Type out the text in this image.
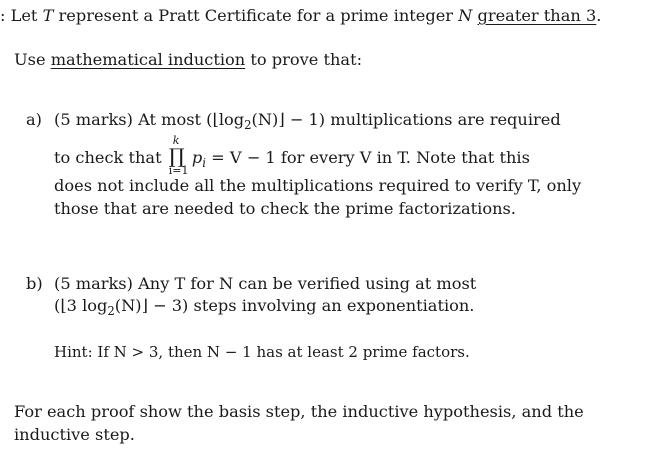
: Let T represent a Pratt Certificate for a prime integer N greater than 3.
Use mathematical induction to prove that:
a) (5 marks) At most $(⌊\log_2(N)⌋ - 1)$ multiplications are required
to check that
k
∏
i=1
$p_i = V - 1$ for every V in T. Note that this
does not include all the multiplications required to verify T, only
those that are needed to check the prime factorizations.
b) (5 marks) Any T for N can be verified using at most
(⌊3 $\log_2(N)⌋ - 3$) steps involving an exponentiation.
Hint: If N > 3, then N − 1 has at least 2 prime factors.
For each proof show the basis step, the inductive hypothesis, and the
inductive step.
